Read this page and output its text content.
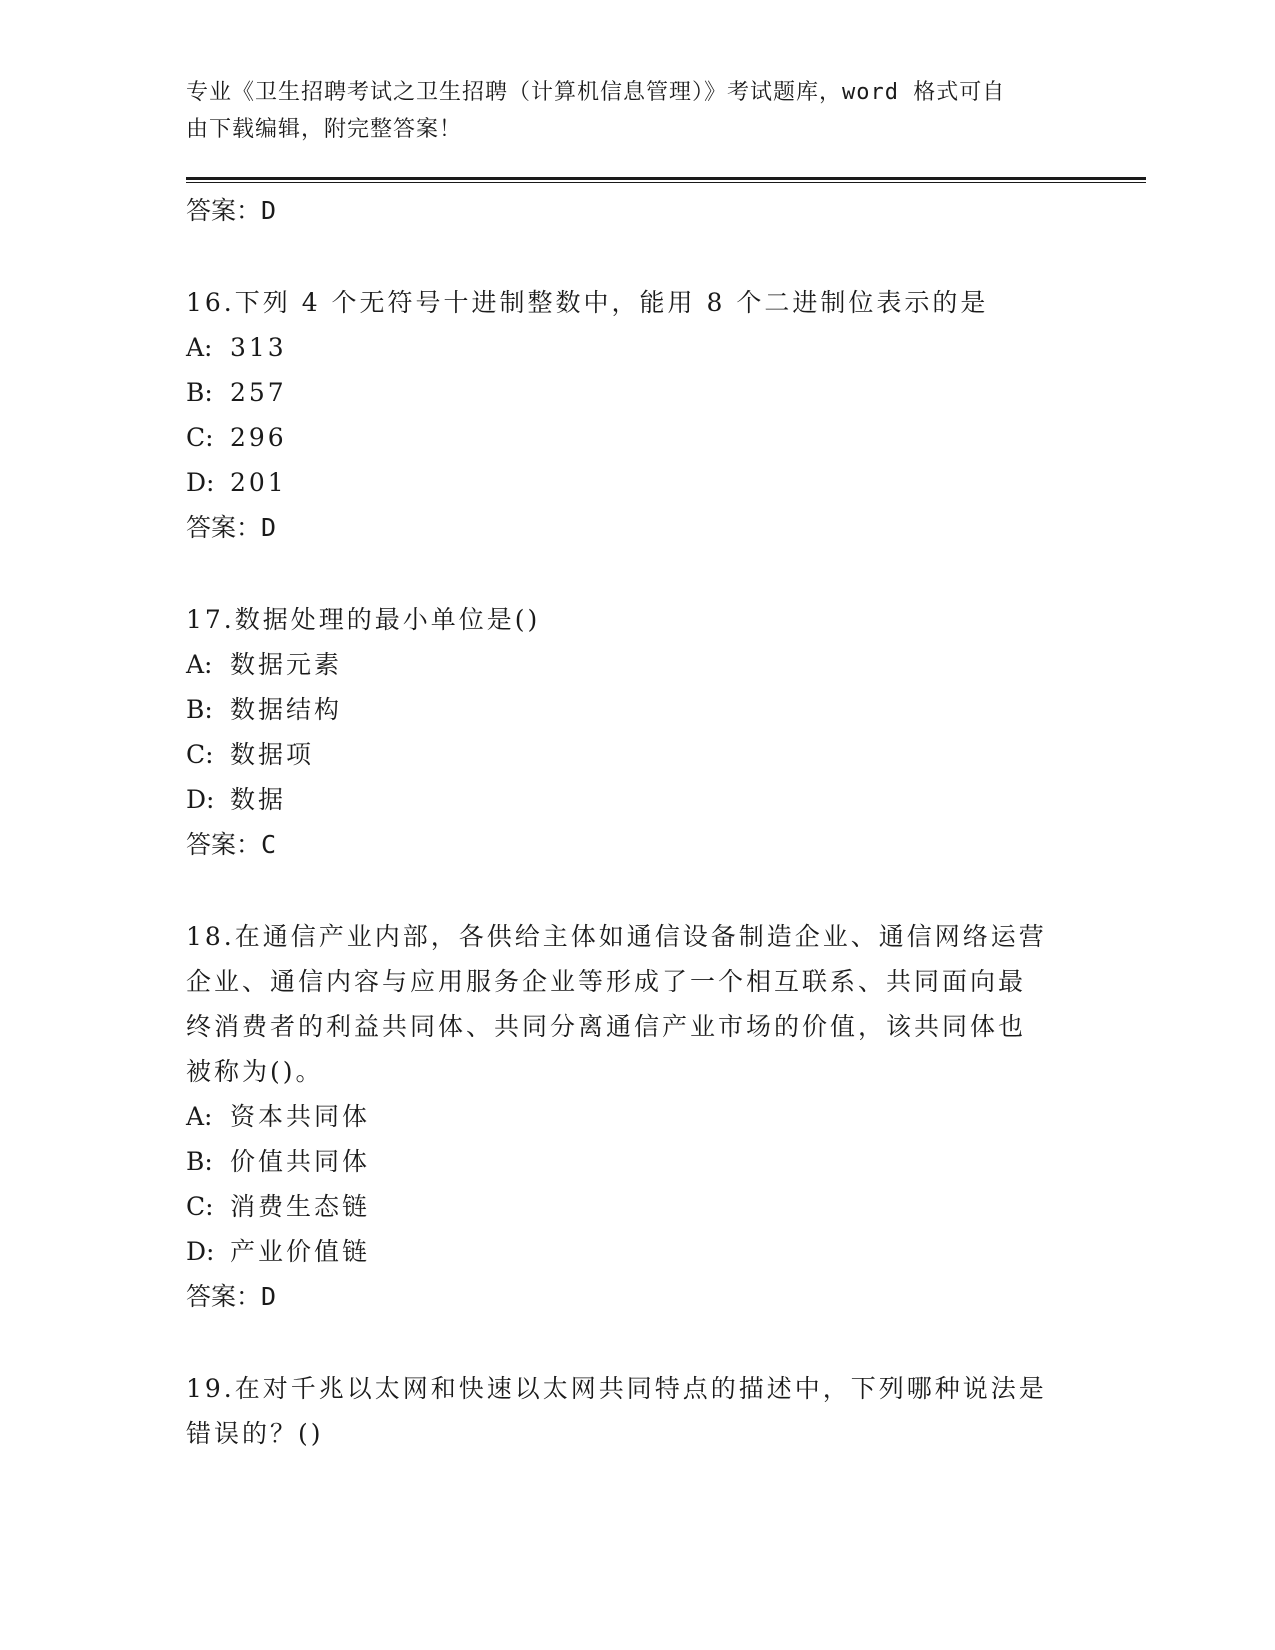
专业《卫生招聘考试之卫生招聘（计算机信息管理）》考试题库，word 格式可自
由下载编辑，附完整答案！

答案：D

16.下列 4 个无符号十进制整数中，能用 8 个二进制位表示的是

A: 313

B: 257

C: 296

D: 201

答案：D

17.数据处理的最小单位是()

A: 数据元素

B: 数据结构

C: 数据项

D: 数据

答案：C

18.在通信产业内部，各供给主体如通信设备制造企业、通信网络运营

企业、通信内容与应用服务企业等形成了一个相互联系、共同面向最

终消费者的利益共同体、共同分离通信产业市场的价值，该共同体也

被称为()。

A: 资本共同体

B: 价值共同体

C: 消费生态链

D: 产业价值链

答案：D

19.在对千兆以太网和快速以太网共同特点的描述中，下列哪种说法是

错误的？()
